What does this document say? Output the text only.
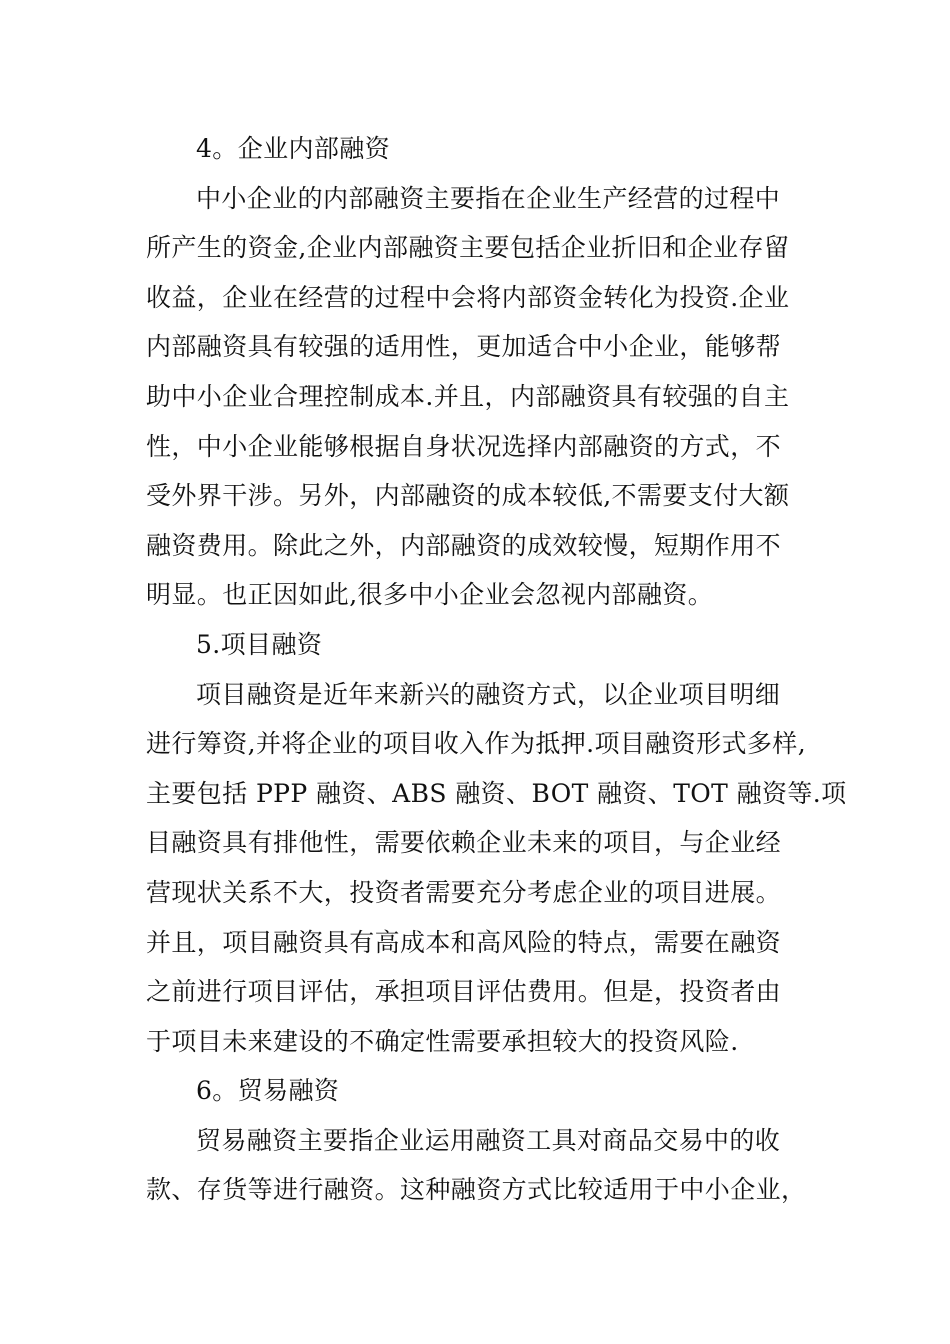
4。企业内部融资
中小企业的内部融资主要指在企业生产经营的过程中
所产生的资金,企业内部融资主要包括企业折旧和企业存留
收益，企业在经营的过程中会将内部资金转化为投资.企业
内部融资具有较强的适用性，更加适合中小企业，能够帮
助中小企业合理控制成本.并且，内部融资具有较强的自主
性，中小企业能够根据自身状况选择内部融资的方式，不
受外界干涉。另外，内部融资的成本较低,不需要支付大额
融资费用。除此之外，内部融资的成效较慢，短期作用不
明显。也正因如此,很多中小企业会忽视内部融资。
5.项目融资
项目融资是近年来新兴的融资方式，以企业项目明细
进行筹资,并将企业的项目收入作为抵押.项目融资形式多样,
主要包括 PPP 融资、ABS 融资、BOT 融资、TOT 融资等.项
目融资具有排他性，需要依赖企业未来的项目，与企业经
营现状关系不大，投资者需要充分考虑企业的项目进展。
并且，项目融资具有高成本和高风险的特点，需要在融资
之前进行项目评估，承担项目评估费用。但是，投资者由
于项目未来建设的不确定性需要承担较大的投资风险.
6。贸易融资
贸易融资主要指企业运用融资工具对商品交易中的收
款、存货等进行融资。这种融资方式比较适用于中小企业，
